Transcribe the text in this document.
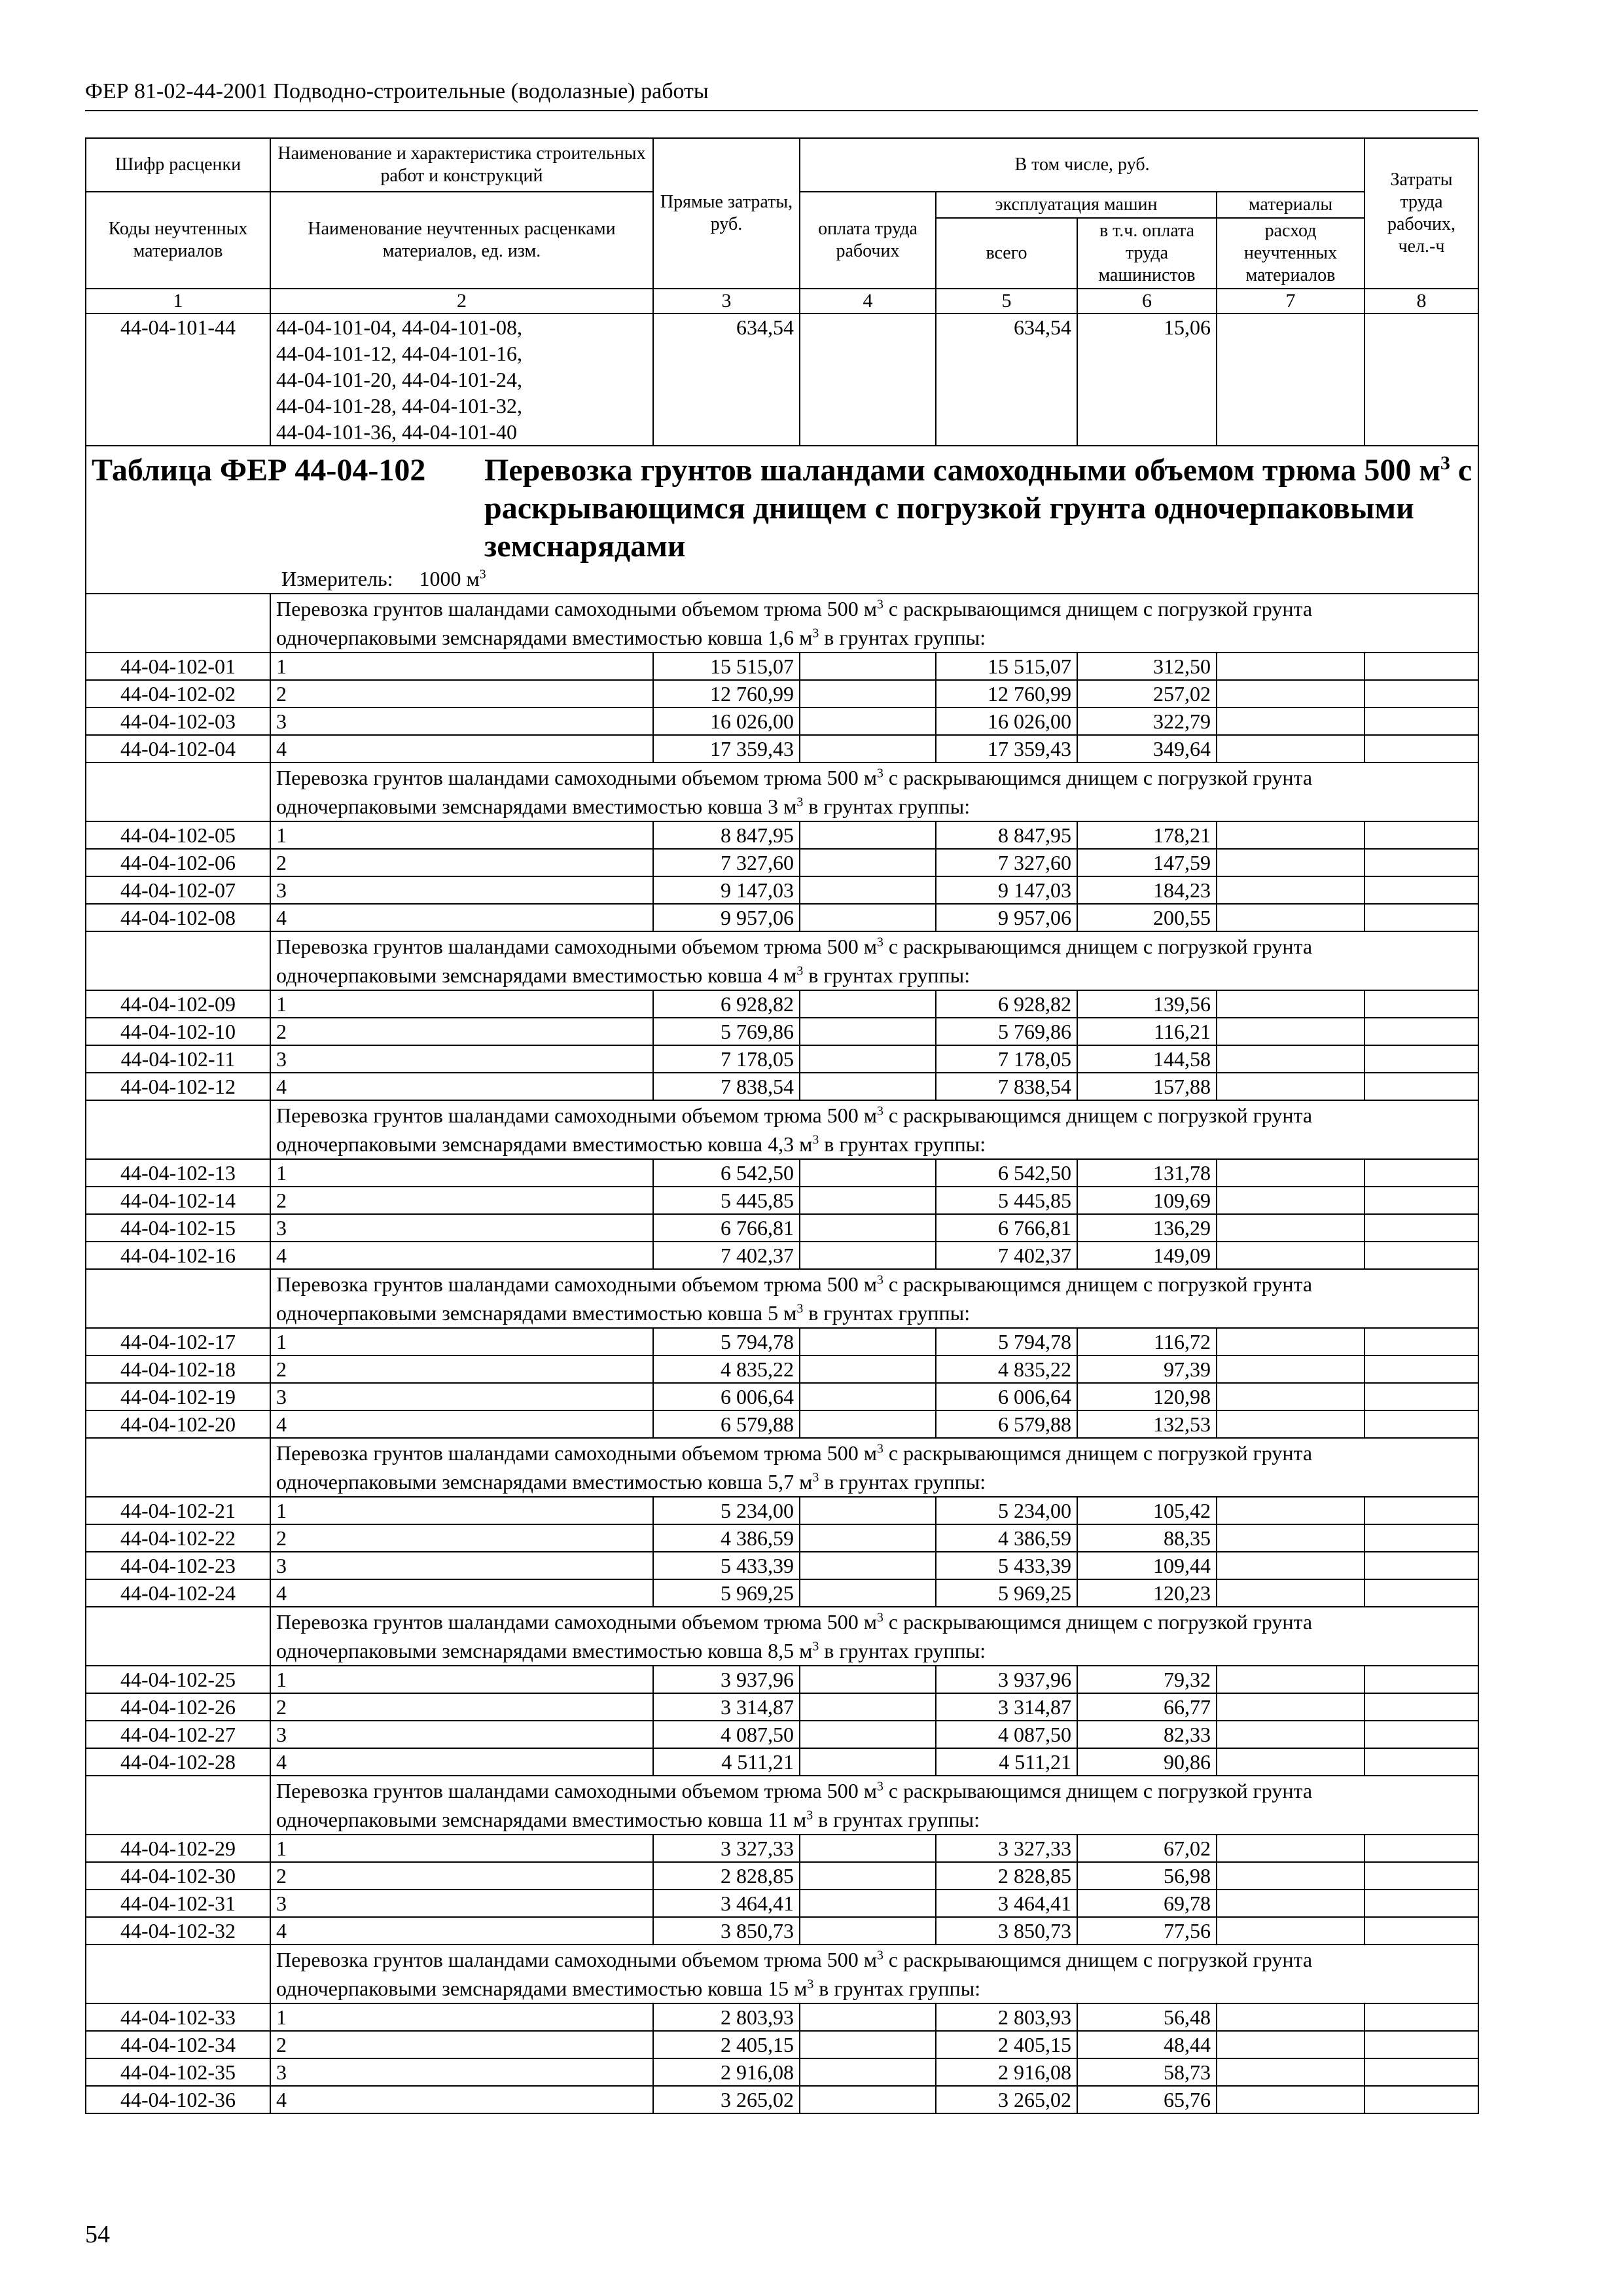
ФЕР 81-02-44-2001 Подводно-строительные (водолазные) работы
Шифр расценки	Наименование и характеристика строительных работ и конструкций	Прямые затраты, руб.	В том числе, руб.				Затраты труда рабочих, чел.-ч
Коды неучтенных материалов	Наименование неучтенных расценками материалов, ед. изм.		оплата труда рабочих	эксплуатация машин		материалы	
				всего	в т.ч. оплата труда машинистов	расход неучтенных материалов	
1	2	3	4	5	6	7	8
44-04-101-44	44-04-101-04, 44-04-101-08,
44-04-101-12, 44-04-101-16,
44-04-101-20, 44-04-101-24,
44-04-101-28, 44-04-101-32,
44-04-101-36, 44-04-101-40	634,54		634,54	15,06		

Таблица ФЕР 44-04-102 Перевозка грунтов шаландами самоходными объемом трюма 500 $м^3$ с раскрывающимся днищем с погрузкой грунта одночерпаковыми земснарядами
Измеритель: 1000 $м^3$

	Перевозка грунтов шаландами самоходными объемом трюма 500 $м^3$ с раскрывающимся днищем с погрузкой грунта одночерпаковыми земснарядами вместимостью ковша 1,6 $м^3$ в грунтах группы:						
44-04-102-01	1	15 515,07		15 515,07	312,50		
44-04-102-02	2	12 760,99		12 760,99	257,02		
44-04-102-03	3	16 026,00		16 026,00	322,79		
44-04-102-04	4	17 359,43		17 359,43	349,64		
	Перевозка грунтов шаландами самоходными объемом трюма 500 $м^3$ с раскрывающимся днищем с погрузкой грунта одночерпаковыми земснарядами вместимостью ковша 3 $м^3$ в грунтах группы:						
44-04-102-05	1	8 847,95		8 847,95	178,21		
44-04-102-06	2	7 327,60		7 327,60	147,59		
44-04-102-07	3	9 147,03		9 147,03	184,23		
44-04-102-08	4	9 957,06		9 957,06	200,55		
	Перевозка грунтов шаландами самоходными объемом трюма 500 $м^3$ с раскрывающимся днищем с погрузкой грунта одночерпаковыми земснарядами вместимостью ковша 4 $м^3$ в грунтах группы:						
44-04-102-09	1	6 928,82		6 928,82	139,56		
44-04-102-10	2	5 769,86		5 769,86	116,21		
44-04-102-11	3	7 178,05		7 178,05	144,58		
44-04-102-12	4	7 838,54		7 838,54	157,88		
	Перевозка грунтов шаландами самоходными объемом трюма 500 $м^3$ с раскрывающимся днищем с погрузкой грунта одночерпаковыми земснарядами вместимостью ковша 4,3 $м^3$ в грунтах группы:						
44-04-102-13	1	6 542,50		6 542,50	131,78		
44-04-102-14	2	5 445,85		5 445,85	109,69		
44-04-102-15	3	6 766,81		6 766,81	136,29		
44-04-102-16	4	7 402,37		7 402,37	149,09		
	Перевозка грунтов шаландами самоходными объемом трюма 500 $м^3$ с раскрывающимся днищем с погрузкой грунта одночерпаковыми земснарядами вместимостью ковша 5 $м^3$ в грунтах группы:						
44-04-102-17	1	5 794,78		5 794,78	116,72		
44-04-102-18	2	4 835,22		4 835,22	97,39		
44-04-102-19	3	6 006,64		6 006,64	120,98		
44-04-102-20	4	6 579,88		6 579,88	132,53		
	Перевозка грунтов шаландами самоходными объемом трюма 500 $м^3$ с раскрывающимся днищем с погрузкой грунта одночерпаковыми земснарядами вместимостью ковша 5,7 $м^3$ в грунтах группы:						
44-04-102-21	1	5 234,00		5 234,00	105,42		
44-04-102-22	2	4 386,59		4 386,59	88,35		
44-04-102-23	3	5 433,39		5 433,39	109,44		
44-04-102-24	4	5 969,25		5 969,25	120,23		
	Перевозка грунтов шаландами самоходными объемом трюма 500 $м^3$ с раскрывающимся днищем с погрузкой грунта одночерпаковыми земснарядами вместимостью ковша 8,5 $м^3$ в грунтах группы:						
44-04-102-25	1	3 937,96		3 937,96	79,32		
44-04-102-26	2	3 314,87		3 314,87	66,77		
44-04-102-27	3	4 087,50		4 087,50	82,33		
44-04-102-28	4	4 511,21		4 511,21	90,86		
	Перевозка грунтов шаландами самоходными объемом трюма 500 $м^3$ с раскрывающимся днищем с погрузкой грунта одночерпаковыми земснарядами вместимостью ковша 11 $м^3$ в грунтах группы:						
44-04-102-29	1	3 327,33		3 327,33	67,02		
44-04-102-30	2	2 828,85		2 828,85	56,98		
44-04-102-31	3	3 464,41		3 464,41	69,78		
44-04-102-32	4	3 850,73		3 850,73	77,56		
	Перевозка грунтов шаландами самоходными объемом трюма 500 $м^3$ с раскрывающимся днищем с погрузкой грунта одночерпаковыми земснарядами вместимостью ковша 15 $м^3$ в грунтах группы:						
44-04-102-33	1	2 803,93		2 803,93	56,48		
44-04-102-34	2	2 405,15		2 405,15	48,44		
44-04-102-35	3	2 916,08		2 916,08	58,73		
44-04-102-36	4	3 265,02		3 265,02	65,76		
54
